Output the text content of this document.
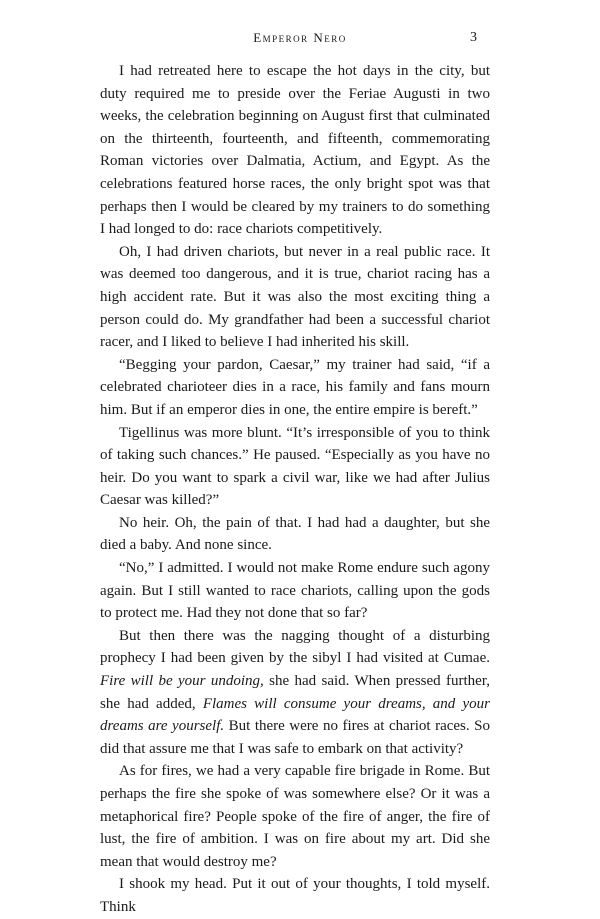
Emperor Nero	3

I had retreated here to escape the hot days in the city, but duty required me to preside over the Feriae Augusti in two weeks, the celebration beginning on August first that culminated on the thirteenth, fourteenth, and fifteenth, commemorating Roman victories over Dalmatia, Actium, and Egypt. As the celebrations featured horse races, the only bright spot was that perhaps then I would be cleared by my trainers to do something I had longed to do: race chariots competitively.

Oh, I had driven chariots, but never in a real public race. It was deemed too dangerous, and it is true, chariot racing has a high accident rate. But it was also the most exciting thing a person could do. My grandfather had been a successful chariot racer, and I liked to believe I had inherited his skill.

“Begging your pardon, Caesar,” my trainer had said, “if a celebrated charioteer dies in a race, his family and fans mourn him. But if an emperor dies in one, the entire empire is bereft.”

Tigellinus was more blunt. “It’s irresponsible of you to think of taking such chances.” He paused. “Especially as you have no heir. Do you want to spark a civil war, like we had after Julius Caesar was killed?”

No heir. Oh, the pain of that. I had had a daughter, but she died a baby. And none since.

“No,” I admitted. I would not make Rome endure such agony again. But I still wanted to race chariots, calling upon the gods to protect me. Had they not done that so far?

But then there was the nagging thought of a disturbing prophecy I had been given by the sibyl I had visited at Cumae. Fire will be your undoing, she had said. When pressed further, she had added, Flames will consume your dreams, and your dreams are yourself. But there were no fires at chariot races. So did that assure me that I was safe to embark on that activity?

As for fires, we had a very capable fire brigade in Rome. But perhaps the fire she spoke of was somewhere else? Or it was a metaphorical fire? People spoke of the fire of anger, the fire of lust, the fire of ambition. I was on fire about my art. Did she mean that would destroy me?

I shook my head. Put it out of your thoughts, I told myself. Think
